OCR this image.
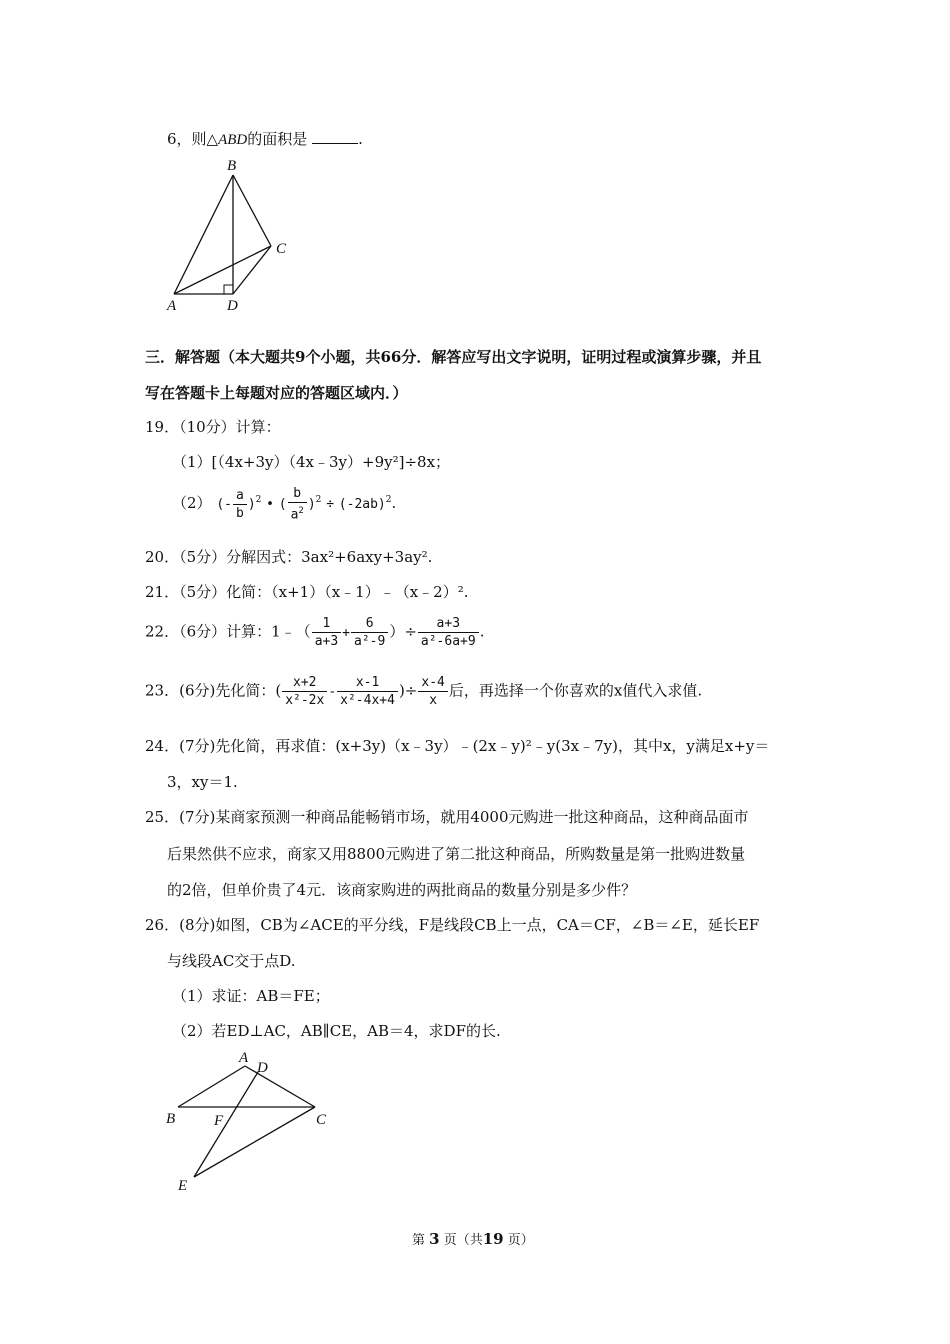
6，则△ABD的面积是	.
B
C
A	D
三．解答题（本大题共9个小题，共66分．解答应写出文字说明，证明过程或演算步骤，并且
写在答题卡上每题对应的答题区域内．）
19．（10分）计算：
（1）[（4x+3y）（4x﹣3y）+9y²]÷8x；
（2） (- $\frac{a}{b} )^2$ • ( $\frac{b}{a^2} )^2 \div (-2ab)^2$.
20．（5分）分解因式：3ax²+6axy+3ay².
21．（5分）化简：（x+1）（x﹣1）﹣（x﹣2）².
22．（6分）计算：1﹣（ $\frac{1}{a+3} + \frac{6}{\text{a²-9}}$ ）÷ $\frac{a+3}{\text{a²-6a+9}}$ .
23．(6分)先化简：( $\frac{x+2}{\text{x²-2x}} - \frac{x-1}{\text{x²-4x+4}}$ )÷ $\frac{x-4}{x}$ 后，再选择一个你喜欢的x值代入求值.
24．(7分)先化简，再求值：(x+3y)（x﹣3y）﹣(2x﹣y)²﹣y(3x﹣7y)，其中x，y满足x+y＝
3，xy＝1.
25．(7分)某商家预测一种商品能畅销市场，就用4000元购进一批这种商品，这种商品面市
后果然供不应求，商家又用8800元购进了第二批这种商品，所购数量是第一批购进数量
的2倍，但单价贵了4元．该商家购进的两批商品的数量分别是多少件？
26．(8分)如图，CB为∠ACE的平分线，F是线段CB上一点，CA＝CF，∠B＝∠E，延长EF
与线段AC交于点D.
（1）求证：AB＝FE；
（2）若ED⊥AC，AB∥CE，AB＝4，求DF的长.
A
D
B	F	C
E
第 3 页（共19 页）
